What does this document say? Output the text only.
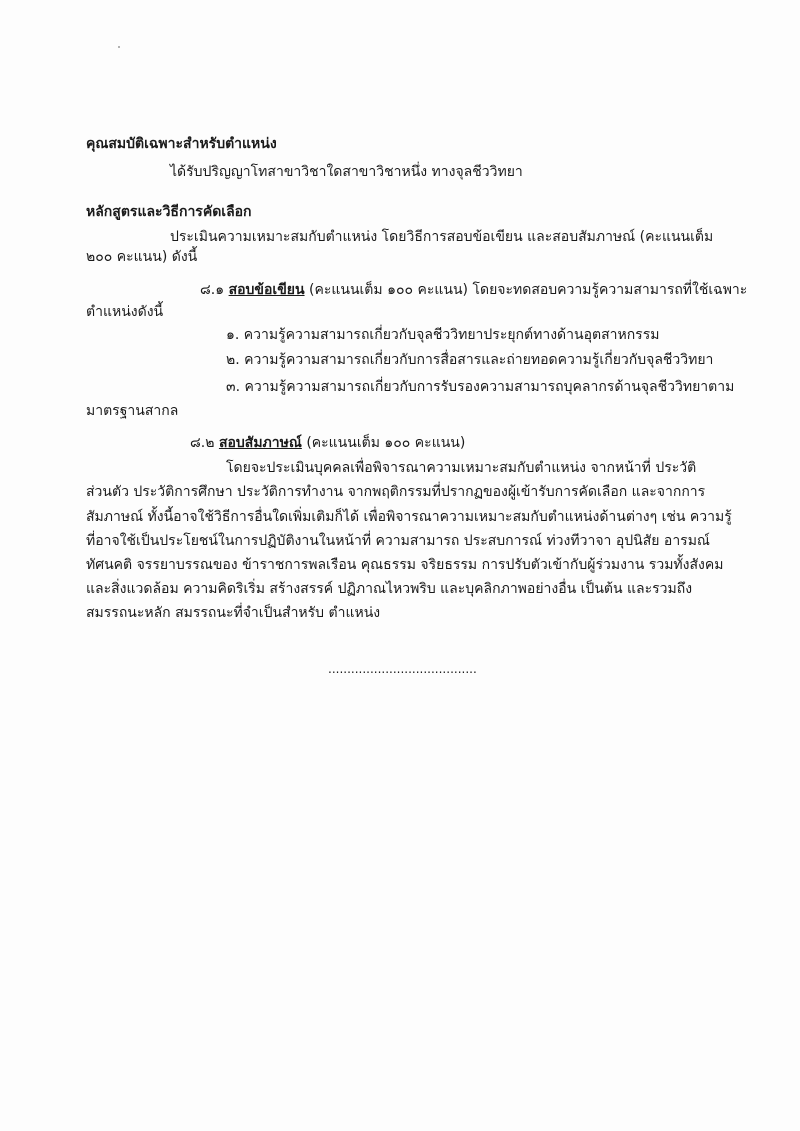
คุณสมบัติเฉพาะสำหรับตำแหน่ง
ได้รับปริญญาโทสาขาวิชาใดสาขาวิชาหนึ่ง ทางจุลชีววิทยา
หลักสูตรและวิธีการคัดเลือก
ประเมินความเหมาะสมกับตำแหน่ง โดยวิธีการสอบข้อเขียน และสอบสัมภาษณ์ (คะแนนเต็ม
๒๐๐ คะแนน) ดังนี้
๘.๑ สอบข้อเขียน (คะแนนเต็ม ๑๐๐ คะแนน) โดยจะทดสอบความรู้ความสามารถที่ใช้เฉพาะ
ตำแหน่งดังนี้
๑. ความรู้ความสามารถเกี่ยวกับจุลชีววิทยาประยุกต์ทางด้านอุตสาหกรรม
๒. ความรู้ความสามารถเกี่ยวกับการสื่อสารและถ่ายทอดความรู้เกี่ยวกับจุลชีววิทยา
๓. ความรู้ความสามารถเกี่ยวกับการรับรองความสามารถบุคลากรด้านจุลชีววิทยาตาม
มาตรฐานสากล
๘.๒ สอบสัมภาษณ์ (คะแนนเต็ม ๑๐๐ คะแนน)
โดยจะประเมินบุคคลเพื่อพิจารณาความเหมาะสมกับตำแหน่ง จากหน้าที่ ประวัติ
ส่วนตัว ประวัติการศึกษา ประวัติการทำงาน จากพฤติกรรมที่ปรากฏของผู้เข้ารับการคัดเลือก และจากการ
สัมภาษณ์ ทั้งนี้อาจใช้วิธีการอื่นใดเพิ่มเติมก็ได้ เพื่อพิจารณาความเหมาะสมกับตำแหน่งด้านต่างๆ เช่น ความรู้
ที่อาจใช้เป็นประโยชน์ในการปฏิบัติงานในหน้าที่ ความสามารถ ประสบการณ์ ท่วงทีวาจา อุปนิสัย อารมณ์
ทัศนคติ จรรยาบรรณของ ข้าราชการพลเรือน คุณธรรม จริยธรรม การปรับตัวเข้ากับผู้ร่วมงาน รวมทั้งสังคม
และสิ่งแวดล้อม ความคิดริเริ่ม สร้างสรรค์ ปฏิภาณไหวพริบ และบุคลิกภาพอย่างอื่น เป็นต้น และรวมถึง
สมรรถนะหลัก สมรรถนะที่จำเป็นสำหรับ ตำแหน่ง
.......................................
